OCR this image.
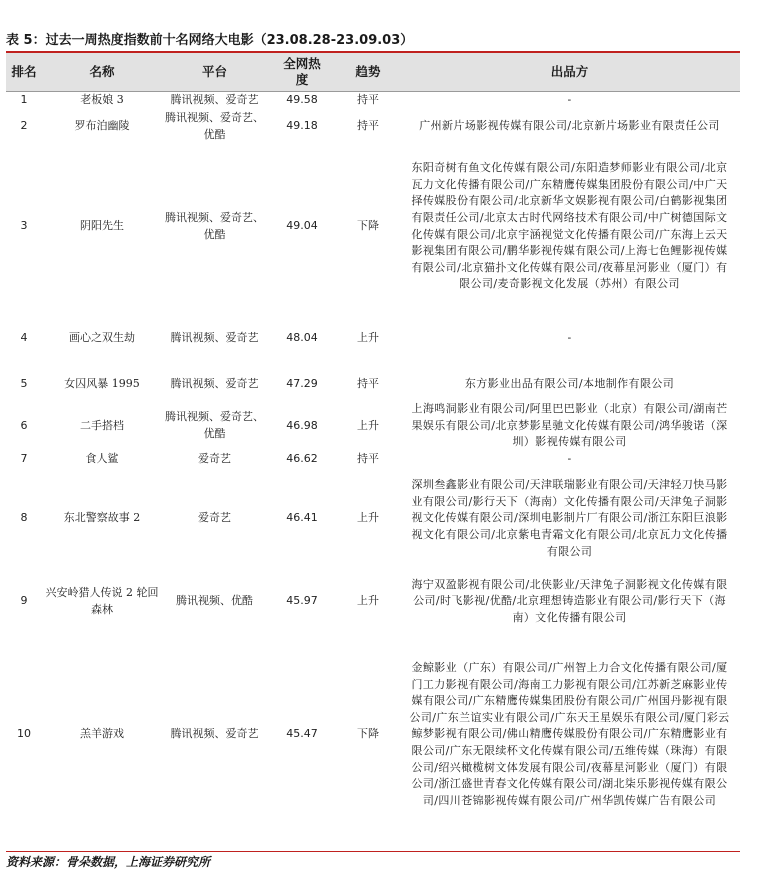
表 5：过去一周热度指数前十名网络大电影（23.08.28-23.09.03）
排名	名称	平台	全网热度	趋势	出品方
1	老板娘 3	腾讯视频、爱奇艺	49.58	持平	-
2	罗布泊幽陵	腾讯视频、爱奇艺、优酷	49.18	持平	广州新片场影视传媒有限公司/北京新片场影业有限责任公司
3	阴阳先生	腾讯视频、爱奇艺、优酷	49.04	下降	东阳奇树有鱼文化传媒有限公司/东阳造梦师影业有限公司/北京瓦力文化传播有限公司/广东精鹰传媒集团股份有限公司/中广天择传媒股份有限公司/北京新华文娱影视有限公司/白鹤影视集团有限责任公司/北京太古时代网络技术有限公司/中广树德国际文化传媒有限公司/北京宇涵视觉文化传播有限公司/广东海上云天影视集团有限公司/鹏华影视传媒有限公司/上海七色鲤影视传媒有限公司/北京猫扑文化传媒有限公司/夜幕星河影业（厦门）有限公司/麦奇影视文化发展（苏州）有限公司
4	画心之双生劫	腾讯视频、爱奇艺	48.04	上升	-
5	女囚风暴 1995	腾讯视频、爱奇艺	47.29	持平	东方影业出品有限公司/本地制作有限公司
6	二手搭档	腾讯视频、爱奇艺、优酷	46.98	上升	上海鸣洞影业有限公司/阿里巴巴影业（北京）有限公司/湖南芒果娱乐有限公司/北京梦影星驰文化传媒有限公司/鸿华骏诺（深圳）影视传媒有限公司
7	食人鲨	爱奇艺	46.62	持平	-
8	东北警察故事 2	爱奇艺	46.41	上升	深圳叁鑫影业有限公司/天津联瑞影业有限公司/天津轻刀快马影业有限公司/影行天下（海南）文化传播有限公司/天津兔子洞影视文化传媒有限公司/深圳电影制片厂有限公司/浙江东阳巨浪影视文化有限公司/北京紫电青霜文化有限公司/北京瓦力文化传播有限公司
9	兴安岭猎人传说 2 轮回森林	腾讯视频、优酷	45.97	上升	海宁双盈影视有限公司/北侠影业/天津兔子洞影视文化传媒有限公司/时飞影视/优酷/北京理想铸造影业有限公司/影行天下（海南）文化传播有限公司
10	羔羊游戏	腾讯视频、爱奇艺	45.47	下降	金鲸影业（广东）有限公司/广州智上力合文化传播有限公司/厦门工力影视有限公司/海南工力影视有限公司/江苏新芝麻影业传媒有限公司/广东精鹰传媒集团股份有限公司/广州国丹影视有限公司/广东兰谊实业有限公司/广东天王星娱乐有限公司/厦门彩云鲸梦影视有限公司/佛山精鹰传媒股份有限公司/广东精鹰影业有限公司/广东无限续杯文化传媒有限公司/五维传媒（珠海）有限公司/绍兴橄榄树文体发展有限公司/夜幕星河影业（厦门）有限公司/浙江盛世青春文化传媒有限公司/湖北柒乐影视传媒有限公司/四川苍锦影视传媒有限公司/广州华凯传媒广告有限公司
资料来源：骨朵数据，上海证券研究所
